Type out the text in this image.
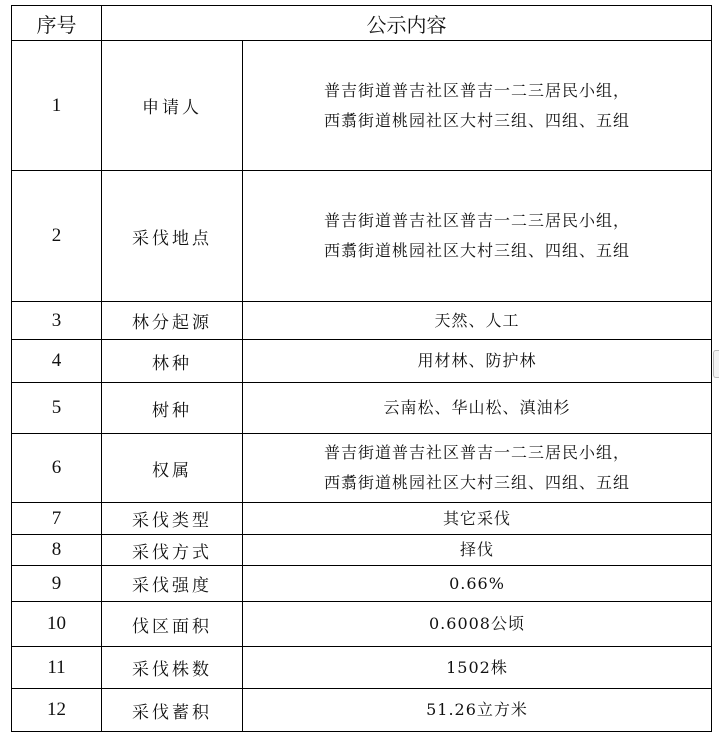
序号	公示内容	
1	申请人	普吉街道普吉社区普吉一二三居民小组，
西翥街道桃园社区大村三组、四组、五组

2	采伐地点	普吉街道普吉社区普吉一二三居民小组，
西翥街道桃园社区大村三组、四组、五组

3	林分起源	天然、人工

4	林种	用材林、防护林

5	树种	云南松、华山松、滇油杉

6	权属	普吉街道普吉社区普吉一二三居民小组，
西翥街道桃园社区大村三组、四组、五组

7	采伐类型	其它采伐

8	采伐方式	择伐

9	采伐强度	0.66%

10	伐区面积	0.6008公顷

11	采伐株数	1502株

12	采伐蓄积	51.26立方米
